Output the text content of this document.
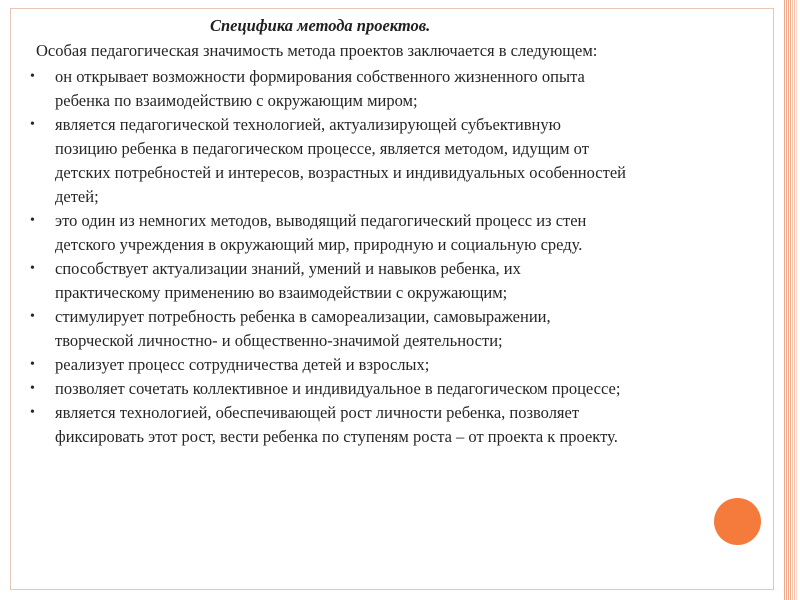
Специфика метода проектов.

Особая педагогическая значимость метода проектов заключается в следующем:

• он открывает возможности формирования собственного жизненного опыта
ребенка по взаимодействию с окружающим миром;
• является педагогической технологией, актуализирующей субъективную
позицию ребенка в педагогическом процессе, является методом, идущим от
детских потребностей и интересов, возрастных и индивидуальных особенностей
детей;
• это один из немногих методов, выводящий педагогический процесс из стен
детского учреждения в окружающий мир, природную и социальную среду.
• способствует актуализации знаний, умений и навыков ребенка, их
практическому применению во взаимодействии с окружающим;
• стимулирует потребность ребенка в самореализации, самовыражении,
творческой личностно- и общественно-значимой деятельности;
• реализует процесс сотрудничества детей и взрослых;
• позволяет сочетать коллективное и индивидуальное в педагогическом процессе;
• является технологией, обеспечивающей рост личности ребенка, позволяет
фиксировать этот рост, вести ребенка по ступеням роста – от проекта к проекту.
